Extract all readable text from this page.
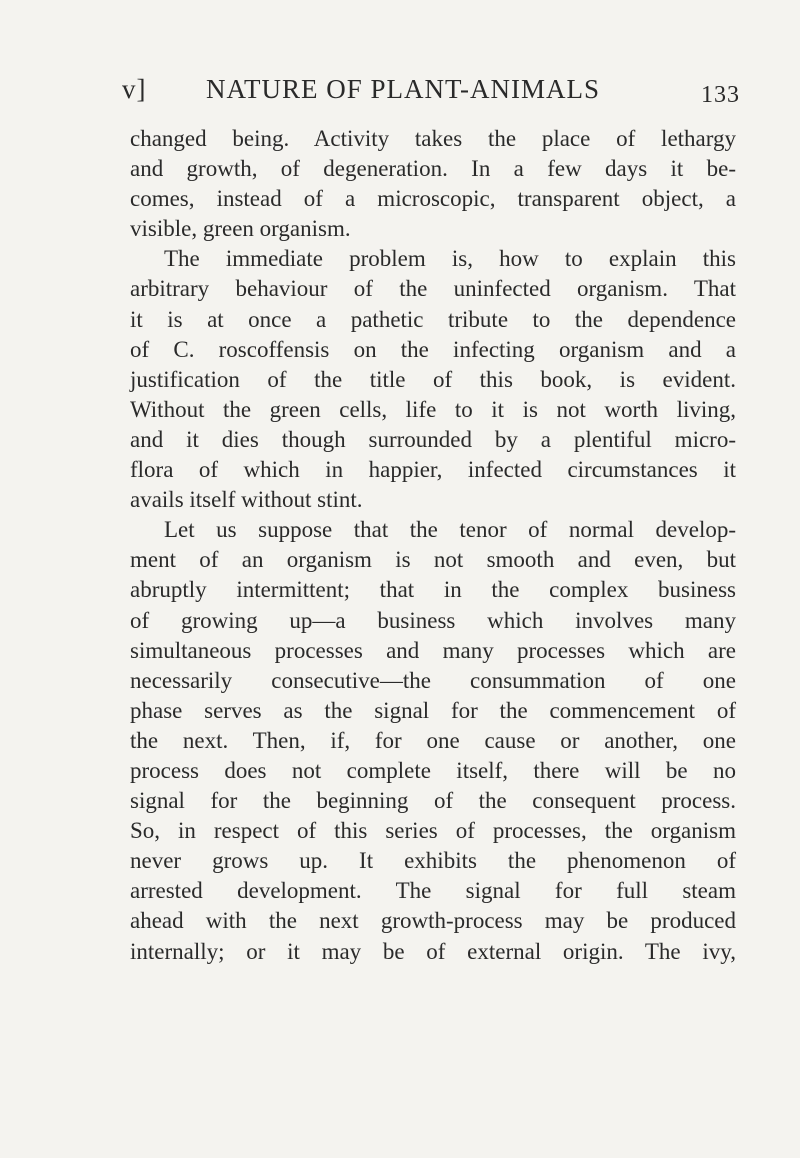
v] NATURE OF PLANT-ANIMALS	133
changed being. Activity takes the place of lethargy
and growth, of degeneration. In a few days it be-
comes, instead of a microscopic, transparent object, a
visible, green organism.
The immediate problem is, how to explain this
arbitrary behaviour of the uninfected organism. That
it is at once a pathetic tribute to the dependence
of C. roscoffensis on the infecting organism and a
justification of the title of this book, is evident.
Without the green cells, life to it is not worth living,
and it dies though surrounded by a plentiful micro-
flora of which in happier, infected circumstances it
avails itself without stint.
Let us suppose that the tenor of normal develop-
ment of an organism is not smooth and even, but
abruptly intermittent; that in the complex business
of growing up—a business which involves many
simultaneous processes and many processes which are
necessarily consecutive—the consummation of one
phase serves as the signal for the commencement of
the next. Then, if, for one cause or another, one
process does not complete itself, there will be no
signal for the beginning of the consequent process.
So, in respect of this series of processes, the organism
never grows up. It exhibits the phenomenon of
arrested development. The signal for full steam
ahead with the next growth-process may be produced
internally; or it may be of external origin. The ivy,
